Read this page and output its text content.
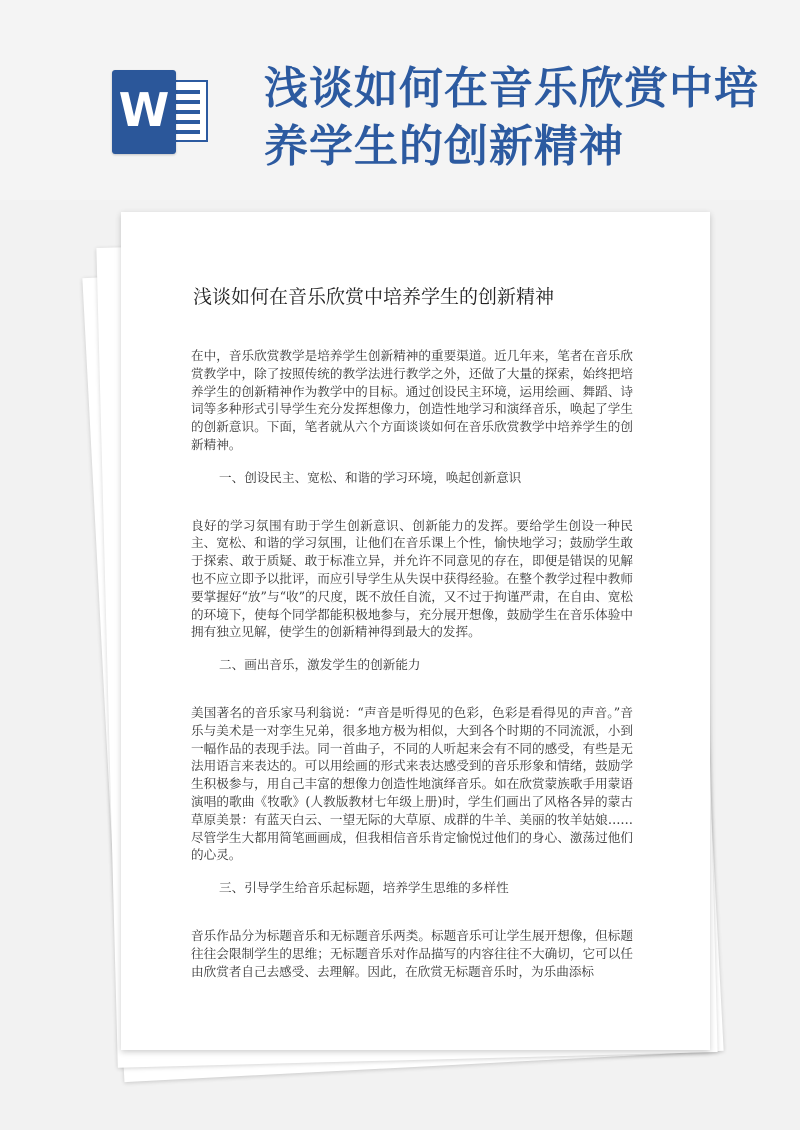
W 浅谈如何在音乐欣赏中培养学生的创新精神
浅谈如何在音乐欣赏中培养学生的创新精神

在中，音乐欣赏教学是培养学生创新精神的重要渠道。近几年来，笔者在音乐欣赏教学中，除了按照传统的教学法进行教学之外，还做了大量的探索，始终把培养学生的创新精神作为教学中的目标。通过创设民主环境，运用绘画、舞蹈、诗词等多种形式引导学生充分发挥想像力，创造性地学习和演绎音乐，唤起了学生的创新意识。下面，笔者就从六个方面谈谈如何在音乐欣赏教学中培养学生的创新精神。

一、创设民主、宽松、和谐的学习环境，唤起创新意识

良好的学习氛围有助于学生创新意识、创新能力的发挥。要给学生创设一种民主、宽松、和谐的学习氛围，让他们在音乐课上个性，愉快地学习；鼓励学生敢于探索、敢于质疑、敢于标准立异，并允许不同意见的存在，即便是错误的见解也不应立即予以批评，而应引导学生从失误中获得经验。在整个教学过程中教师要掌握好“放”与“收”的尺度，既不放任自流，又不过于拘谨严肃，在自由、宽松的环境下，使每个同学都能积极地参与，充分展开想像，鼓励学生在音乐体验中拥有独立见解，使学生的创新精神得到最大的发挥。

二、画出音乐，激发学生的创新能力

美国著名的音乐家马利翁说：“声音是听得见的色彩，色彩是看得见的声音。”音乐与美术是一对孪生兄弟，很多地方极为相似，大到各个时期的不同流派，小到一幅作品的表现手法。同一首曲子，不同的人听起来会有不同的感受，有些是无法用语言来表达的。可以用绘画的形式来表达感受到的音乐形象和情绪，鼓励学生积极参与，用自己丰富的想像力创造性地演绎音乐。如在欣赏蒙族歌手用蒙语演唱的歌曲《牧歌》(人教版教材七年级上册)时，学生们画出了风格各异的蒙古草原美景：有蓝天白云、一望无际的大草原、成群的牛羊、美丽的牧羊姑娘……尽管学生大都用简笔画画成，但我相信音乐肯定愉悦过他们的身心、激荡过他们的心灵。

三、引导学生给音乐起标题，培养学生思维的多样性

音乐作品分为标题音乐和无标题音乐两类。标题音乐可让学生展开想像，但标题往往会限制学生的思维；无标题音乐对作品描写的内容往往不大确切，它可以任由欣赏者自己去感受、去理解。因此，在欣赏无标题音乐时，为乐曲添标
